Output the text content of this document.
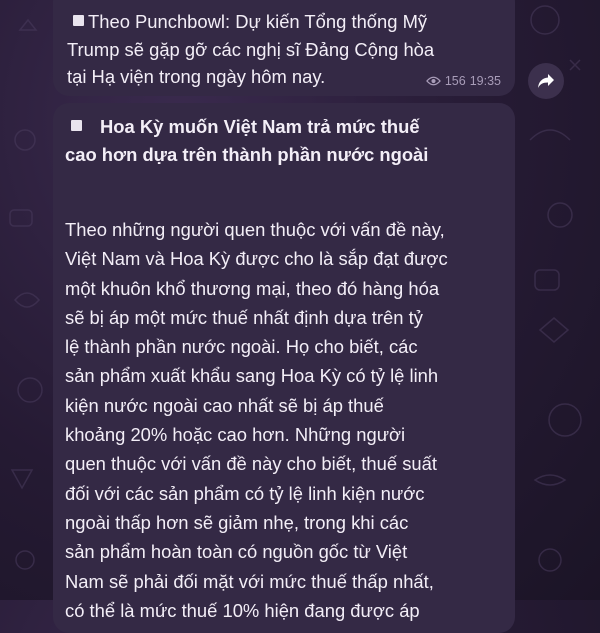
Theo Punchbowl: Dự kiến Tổng thống Mỹ
Trump sẽ gặp gỡ các nghị sĩ Đảng Cộng hòa
tại Hạ viện trong ngày hôm nay.	156 19:35

Hoa Kỳ muốn Việt Nam trả mức thuế
cao hơn dựa trên thành phần nước ngoài

Theo những người quen thuộc với vấn đề này,
Việt Nam và Hoa Kỳ được cho là sắp đạt được
một khuôn khổ thương mại, theo đó hàng hóa
sẽ bị áp một mức thuế nhất định dựa trên tỷ
lệ thành phần nước ngoài. Họ cho biết, các
sản phẩm xuất khẩu sang Hoa Kỳ có tỷ lệ linh
kiện nước ngoài cao nhất sẽ bị áp thuế
khoảng 20% hoặc cao hơn. Những người
quen thuộc với vấn đề này cho biết, thuế suất
đối với các sản phẩm có tỷ lệ linh kiện nước
ngoài thấp hơn sẽ giảm nhẹ, trong khi các
sản phẩm hoàn toàn có nguồn gốc từ Việt
Nam sẽ phải đối mặt với mức thuế thấp nhất,
có thể là mức thuế 10% hiện đang được áp
